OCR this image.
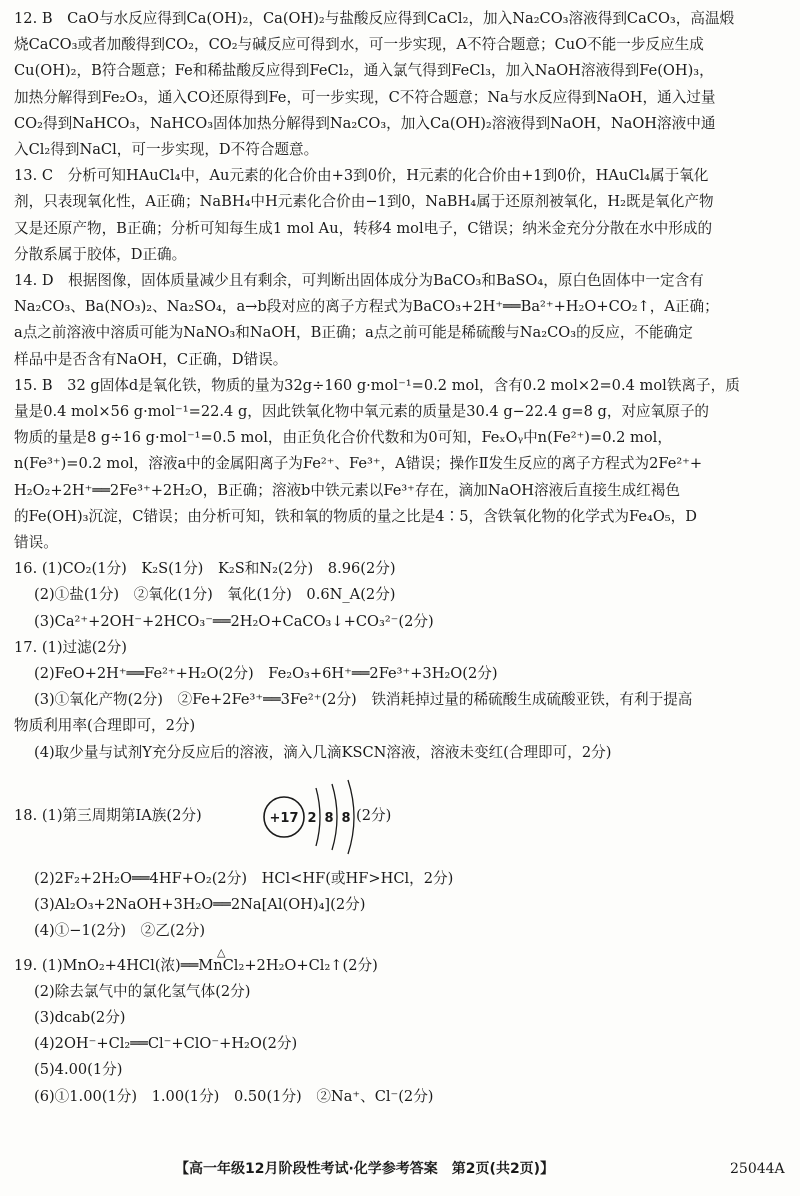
12. B　CaO与水反应得到Ca(OH)₂，Ca(OH)₂与盐酸反应得到CaCl₂，加入Na₂CO₃溶液得到CaCO₃，高温煅
烧CaCO₃或者加酸得到CO₂，CO₂与碱反应可得到水，可一步实现，A不符合题意；CuO不能一步反应生成
Cu(OH)₂，B符合题意；Fe和稀盐酸反应得到FeCl₂，通入氯气得到FeCl₃，加入NaOH溶液得到Fe(OH)₃，
加热分解得到Fe₂O₃，通入CO还原得到Fe，可一步实现，C不符合题意；Na与水反应得到NaOH，通入过量
CO₂得到NaHCO₃，NaHCO₃固体加热分解得到Na₂CO₃，加入Ca(OH)₂溶液得到NaOH，NaOH溶液中通
入Cl₂得到NaCl，可一步实现，D不符合题意。
13. C　分析可知HAuCl₄中，Au元素的化合价由+3到0价，H元素的化合价由+1到0价，HAuCl₄属于氧化
剂，只表现氧化性，A正确；NaBH₄中H元素化合价由−1到0，NaBH₄属于还原剂被氧化，H₂既是氧化产物
又是还原产物，B正确；分析可知每生成1 mol Au，转移4 mol电子，C错误；纳米金充分分散在水中形成的
分散系属于胶体，D正确。
14. D　根据图像，固体质量减少且有剩余，可判断出固体成分为BaCO₃和BaSO₄，原白色固体中一定含有
Na₂CO₃、Ba(NO₃)₂、Na₂SO₄，a→b段对应的离子方程式为BaCO₃+2H⁺══Ba²⁺+H₂O+CO₂↑，A正确；
a点之前溶液中溶质可能为NaNO₃和NaOH，B正确；a点之前可能是稀硫酸与Na₂CO₃的反应，不能确定
样品中是否含有NaOH，C正确，D错误。
15. B　32 g固体d是氧化铁，物质的量为32g÷160 g·mol⁻¹=0.2 mol，含有0.2 mol×2=0.4 mol铁离子，质
量是0.4 mol×56 g·mol⁻¹=22.4 g，因此铁氧化物中氧元素的质量是30.4 g−22.4 g=8 g，对应氧原子的
物质的量是8 g÷16 g·mol⁻¹=0.5 mol，由正负化合价代数和为0可知，FeₓOᵧ中n(Fe²⁺)=0.2 mol，
n(Fe³⁺)=0.2 mol，溶液a中的金属阳离子为Fe²⁺、Fe³⁺，A错误；操作Ⅱ发生反应的离子方程式为2Fe²⁺+
H₂O₂+2H⁺══2Fe³⁺+2H₂O，B正确；溶液b中铁元素以Fe³⁺存在，滴加NaOH溶液后直接生成红褐色
的Fe(OH)₃沉淀，C错误；由分析可知，铁和氧的物质的量之比是4∶5，含铁氧化物的化学式为Fe₄O₅，D
错误。
16. (1)CO₂(1分)　K₂S(1分)　K₂S和N₂(2分)　8.96(2分)
(2)①盐(1分)　②氧化(1分)　氧化(1分)　0.6N_A(2分)
(3)Ca²⁺+2OH⁻+2HCO₃⁻══2H₂O+CaCO₃↓+CO₃²⁻(2分)
17. (1)过滤(2分)
(2)FeO+2H⁺══Fe²⁺+H₂O(2分)　Fe₂O₃+6H⁺══2Fe³⁺+3H₂O(2分)
(3)①氧化产物(2分)　②Fe+2Fe³⁺══3Fe²⁺(2分)　铁消耗掉过量的稀硫酸生成硫酸亚铁，有利于提高
物质利用率(合理即可，2分)
(4)取少量与试剂Y充分反应后的溶液，滴入几滴KSCN溶液，溶液未变红(合理即可，2分)
18. (1)第三周期第ⅠA族(2分)	+17 2 8 8 (2分)
(2)2F₂+2H₂O══4HF+O₂(2分)　HCl<HF(或HF>HCl，2分)
(3)Al₂O₃+2NaOH+3H₂O══2Na[Al(OH)₄](2分)
(4)①−1(2分)　②乙(2分)
19. (1)MnO₂+4HCl(浓)══MnCl₂+2H₂O+Cl₂↑(2分)
△
(2)除去氯气中的氯化氢气体(2分)
(3)dcab(2分)
(4)2OH⁻+Cl₂══Cl⁻+ClO⁻+H₂O(2分)
(5)4.00(1分)
(6)①1.00(1分)　1.00(1分)　0.50(1分)　②Na⁺、Cl⁻(2分)
【高一年级12月阶段性考试·化学参考答案　第2页(共2页)】	25044A
